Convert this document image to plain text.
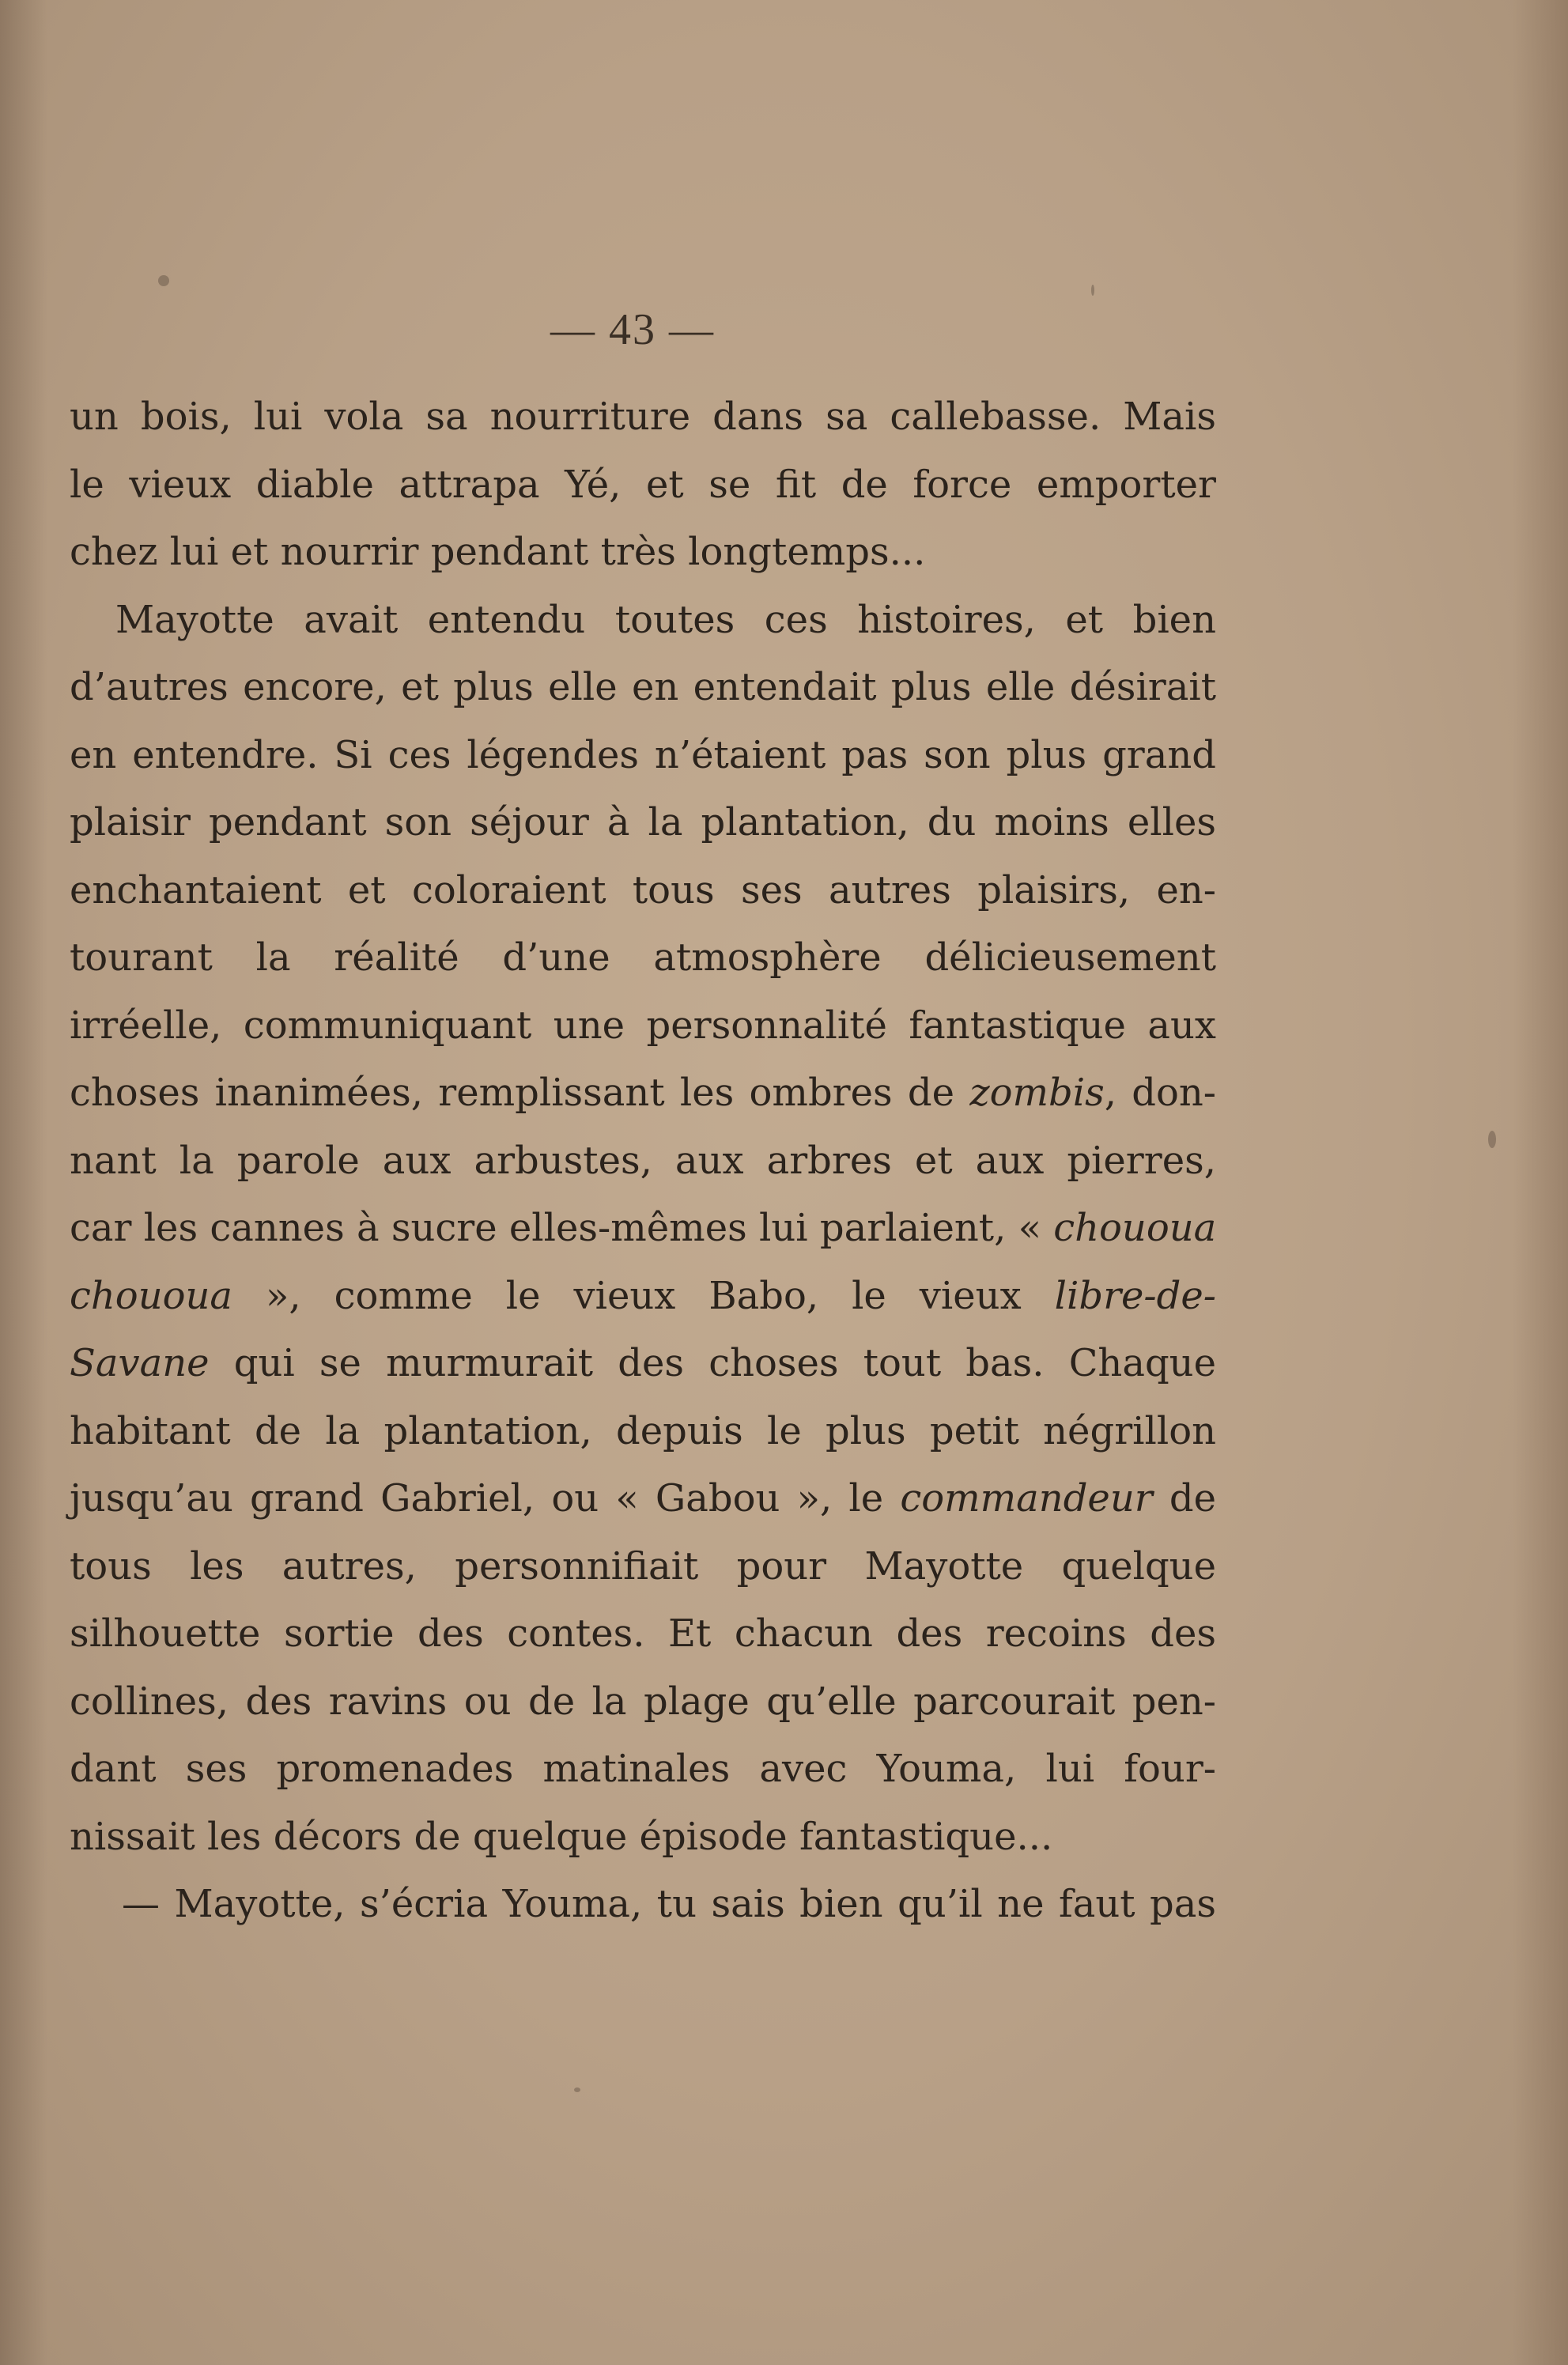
— 43 —
un bois, lui vola sa nourriture dans sa callebasse. Mais
le vieux diable attrapa Yé, et se fit de force emporter
chez lui et nourrir pendant très longtemps...
Mayotte avait entendu toutes ces histoires, et bien
d’autres encore, et plus elle en entendait plus elle désirait
en entendre. Si ces légendes n’étaient pas son plus grand
plaisir pendant son séjour à la plantation, du moins elles
enchantaient et coloraient tous ses autres plaisirs, en-
tourant la réalité d’une atmosphère délicieusement
irréelle, communiquant une personnalité fantastique aux
choses inanimées, remplissant les ombres de zombis, don-
nant la parole aux arbustes, aux arbres et aux pierres,
car les cannes à sucre elles-mêmes lui parlaient, « chououa
chououa », comme le vieux Babo, le vieux libre-de-
Savane qui se murmurait des choses tout bas. Chaque
habitant de la plantation, depuis le plus petit négrillon
jusqu’au grand Gabriel, ou « Gabou », le commandeur de
tous les autres, personnifiait pour Mayotte quelque
silhouette sortie des contes. Et chacun des recoins des
collines, des ravins ou de la plage qu’elle parcourait pen-
dant ses promenades matinales avec Youma, lui four-
nissait les décors de quelque épisode fantastique...
— Mayotte, s’écria Youma, tu sais bien qu’il ne faut pas
